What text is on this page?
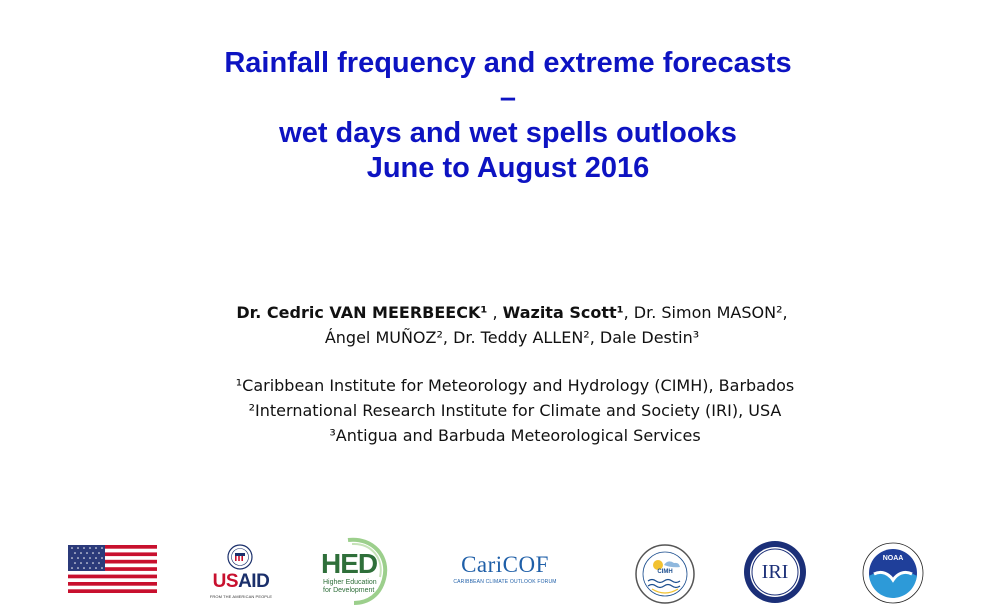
Rainfall frequency and extreme forecasts
–
wet days and wet spells outlooks
June to August 2016
Dr. Cedric VAN MEERBEECK¹ , Wazita Scott¹, Dr. Simon MASON²,
Ángel MUÑOZ², Dr. Teddy ALLEN², Dale Destin³
¹Caribbean Institute for Meteorology and Hydrology (CIMH), Barbados
²International Research Institute for Climate and Society (IRI), USA
³Antigua and Barbuda Meteorological Services
USAID
FROM THE AMERICAN PEOPLE
HED
Higher Education for Development
CariCOF
CARIBBEAN CLIMATE OUTLOOK FORUM
CIMH	IRI
NOAA
